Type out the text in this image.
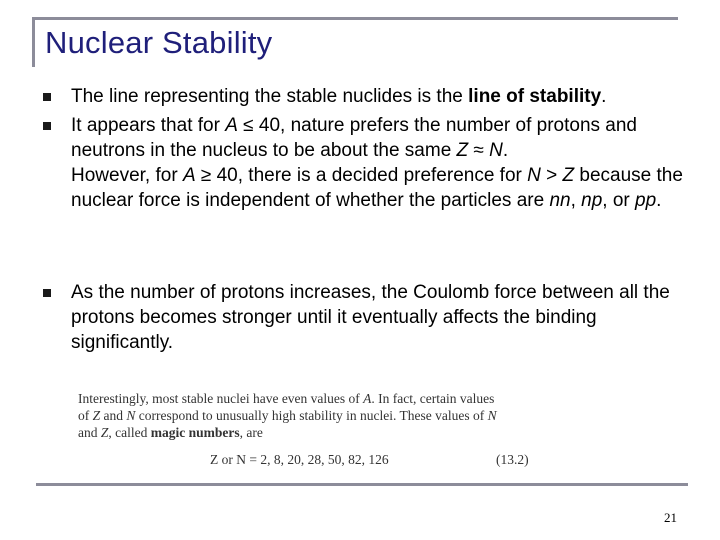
Nuclear Stability
The line representing the stable nuclides is the line of stability.
It appears that for A ≤ 40, nature prefers the number of protons and neutrons in the nucleus to be about the same Z ≈ N.
However, for A ≥ 40, there is a decided preference for N > Z because the nuclear force is independent of whether the particles are nn, np, or pp.
As the number of protons increases, the Coulomb force between all the protons becomes stronger until it eventually affects the binding significantly.

Interestingly, most stable nuclei have even values of A. In fact, certain values

of Z and N correspond to unusually high stability in nuclei. These values of N

and Z, called magic numbers, are

Z or N = 2, 8, 20, 28, 50, 82, 126	(13.2)
21
